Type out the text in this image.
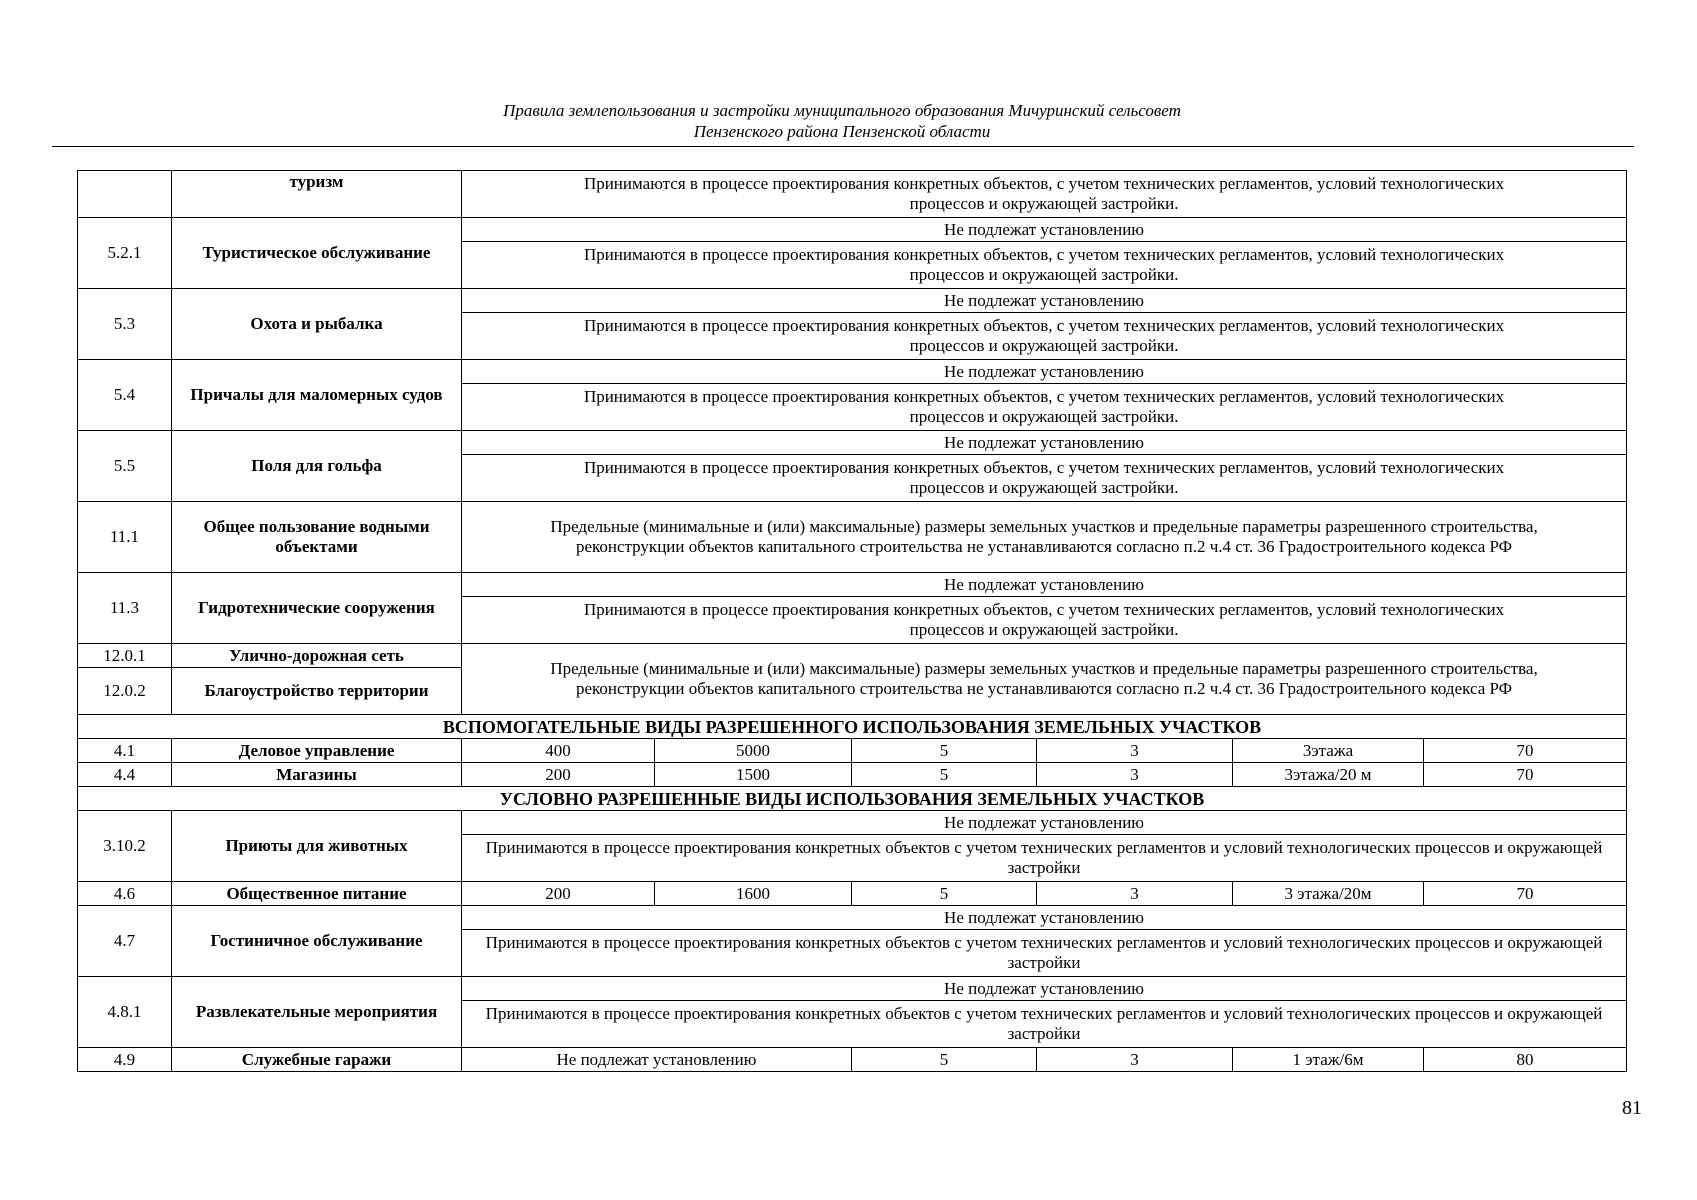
Правила землепользования и застройки муниципального образования Мичуринский сельсовет
Пензенского района Пензенской области
	туризм	Принимаются в процессе проектирования конкретных объектов, с учетом технических регламентов, условий технологических процессов и окружающей застройки.					
5.2.1	Туристическое обслуживание	Не подлежат установлению					
		Принимаются в процессе проектирования конкретных объектов, с учетом технических регламентов, условий технологических процессов и окружающей застройки.					
5.3	Охота и рыбалка	Не подлежат установлению					
		Принимаются в процессе проектирования конкретных объектов, с учетом технических регламентов, условий технологических процессов и окружающей застройки.					
5.4	Причалы для маломерных судов	Не подлежат установлению					
		Принимаются в процессе проектирования конкретных объектов, с учетом технических регламентов, условий технологических процессов и окружающей застройки.					
5.5	Поля для гольфа	Не подлежат установлению					
		Принимаются в процессе проектирования конкретных объектов, с учетом технических регламентов, условий технологических процессов и окружающей застройки.					
11.1	Общее пользование водными объектами	Предельные (минимальные и (или) максимальные) размеры земельных участков и предельные параметры разрешенного строительства, реконструкции объектов капитального строительства не устанавливаются согласно п.2 ч.4 ст. 36 Градостроительного кодекса РФ					
11.3	Гидротехнические сооружения	Не подлежат установлению					
		Принимаются в процессе проектирования конкретных объектов, с учетом технических регламентов, условий технологических процессов и окружающей застройки.					
12.0.1	Улично-дорожная сеть	Предельные (минимальные и (или) максимальные) размеры земельных участков и предельные параметры разрешенного строительства, реконструкции объектов капитального строительства не устанавливаются согласно п.2 ч.4 ст. 36 Градостроительного кодекса РФ					
12.0.2	Благоустройство территории						
ВСПОМОГАТЕЛЬНЫЕ ВИДЫ РАЗРЕШЕННОГО ИСПОЛЬЗОВАНИЯ ЗЕМЕЛЬНЫХ УЧАСТКОВ							
4.1	Деловое управление	400	5000	5	3	3этажа	70
4.4	Магазины	200	1500	5	3	3этажа/20 м	70
УСЛОВНО РАЗРЕШЕННЫЕ ВИДЫ ИСПОЛЬЗОВАНИЯ ЗЕМЕЛЬНЫХ УЧАСТКОВ							
3.10.2	Приюты для животных	Не подлежат установлению					
		Принимаются в процессе проектирования конкретных объектов с учетом технических регламентов и условий технологических процессов и окружающей застройки					
4.6	Общественное питание	200	1600	5	3	3 этажа/20м	70
4.7	Гостиничное обслуживание	Не подлежат установлению					
		Принимаются в процессе проектирования конкретных объектов с учетом технических регламентов и условий технологических процессов и окружающей застройки					
4.8.1	Развлекательные мероприятия	Не подлежат установлению					
		Принимаются в процессе проектирования конкретных объектов с учетом технических регламентов и условий технологических процессов и окружающей застройки					
4.9	Служебные гаражи	Не подлежат установлению		5	3	1 этаж/6м	80
81
